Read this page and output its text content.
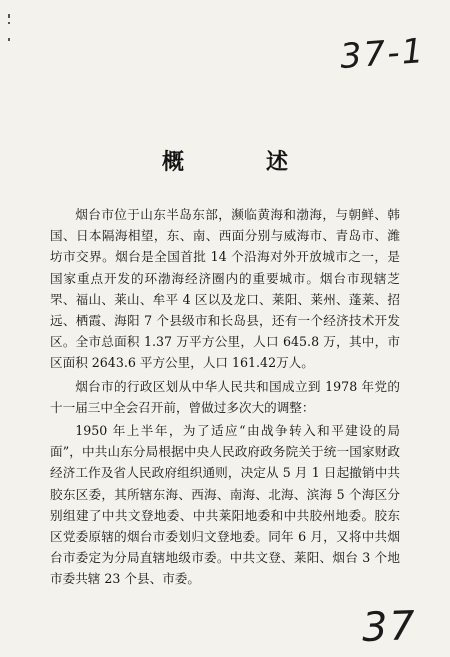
37-1
概　述

烟台市位于山东半岛东部，濒临黄海和渤海，与朝鲜、韩国、日本隔海相望，东、南、西面分别与威海市、青岛市、潍坊市交界。烟台是全国首批 14 个沿海对外开放城市之一，是国家重点开发的环渤海经济圈内的重要城市。烟台市现辖芝罘、福山、莱山、牟平 4 区以及龙口、莱阳、莱州、蓬莱、招远、栖霞、海阳 7 个县级市和长岛县，还有一个经济技术开发区。全市总面积 1.37 万平方公里，人口 645.8 万，其中，市区面积 2643.6 平方公里，人口 161.42万人。

烟台市的行政区划从中华人民共和国成立到 1978 年党的十一届三中全会召开前，曾做过多次大的调整：

1950 年上半年，为了适应“由战争转入和平建设的局面”，中共山东分局根据中央人民政府政务院关于统一国家财政经济工作及省人民政府组织通则，决定从 5 月 1 日起撤销中共胶东区委，其所辖东海、西海、南海、北海、滨海 5 个海区分别组建了中共文登地委、中共莱阳地委和中共胶州地委。胶东区党委原辖的烟台市委划归文登地委。同年 6 月，又将中共烟台市委定为分局直辖地级市委。中共文登、莱阳、烟台 3 个地市委共辖 23 个县、市委。

37
